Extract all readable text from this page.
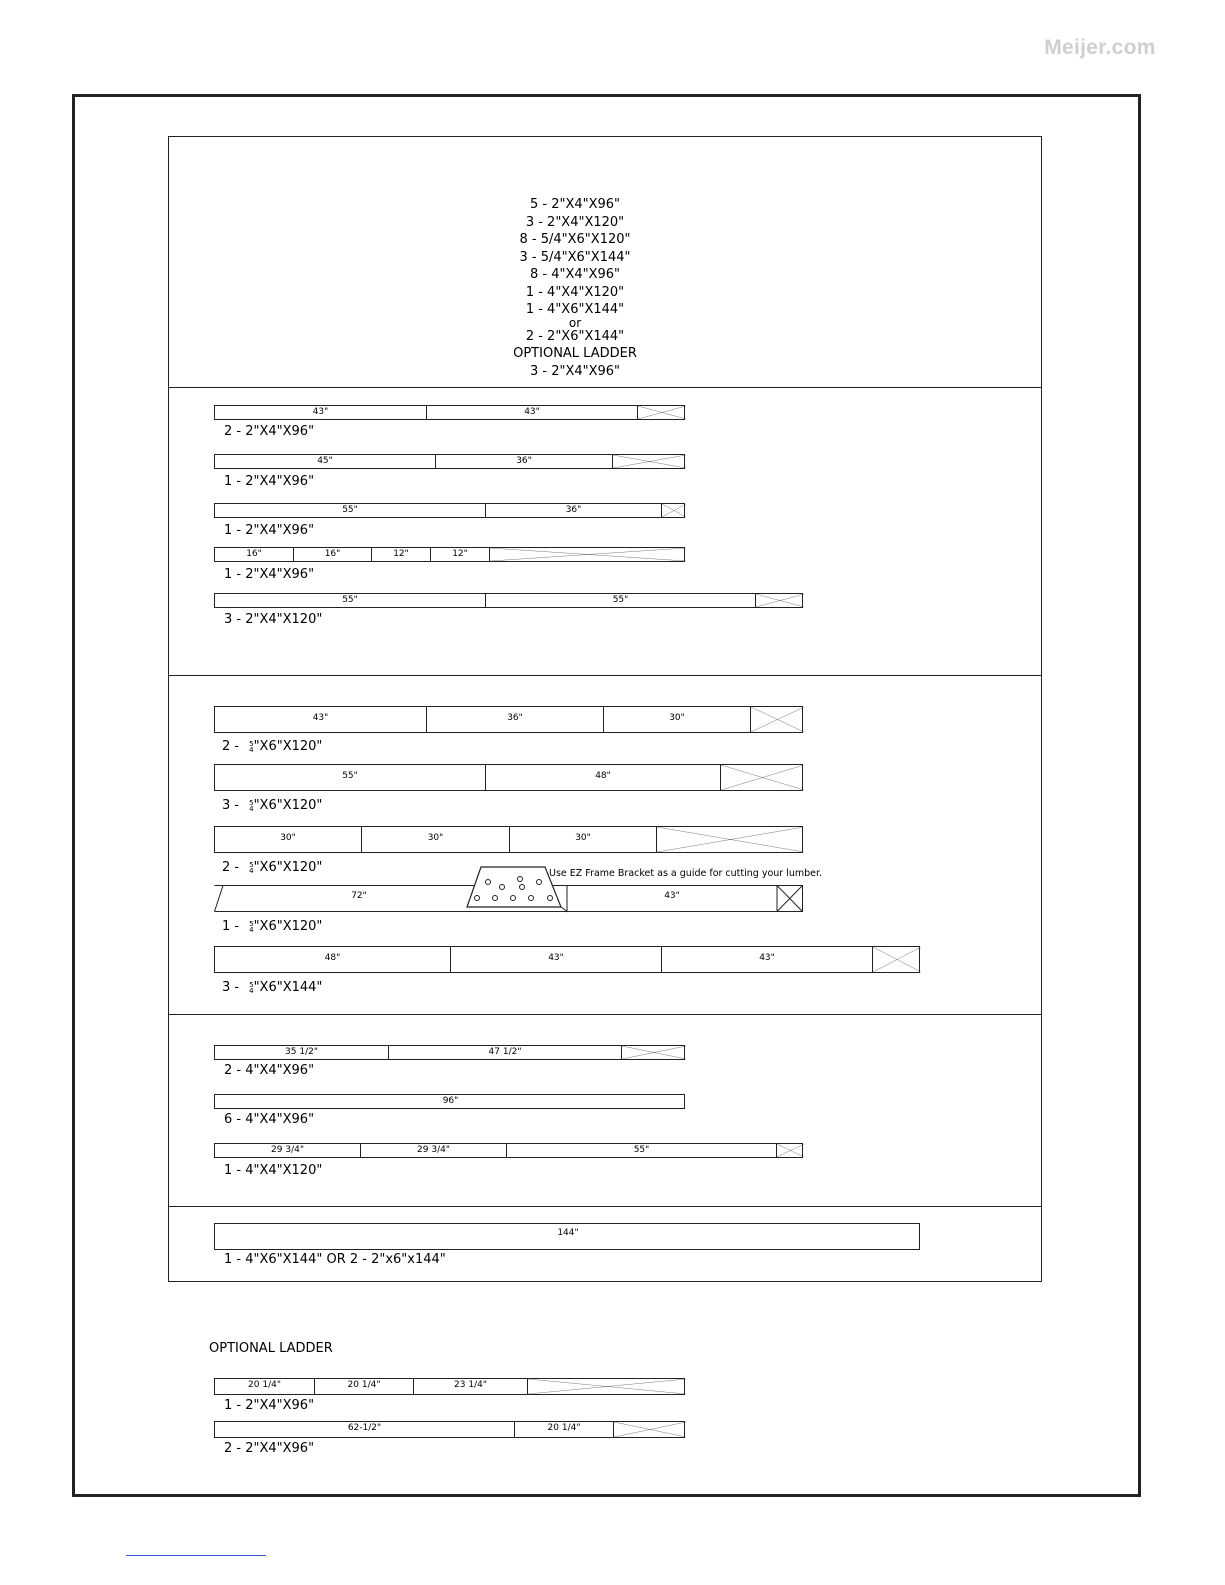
Meijer.com
5 - 2"X4"X96"
3 - 2"X4"X120"
8 - 5/4"X6"X120"
3 - 5/4"X6"X144"
8 - 4"X4"X96"
1 - 4"X4"X120"
1 - 4"X6"X144"
or
2 - 2"X6"X144"
OPTIONAL LADDER
3 - 2"X4"X96"
43"	43"
2 - 2"X4"X96"
45"	36"
1 - 2"X4"X96"
55"	36"
1 - 2"X4"X96"
16"	16"	12"	12"
1 - 2"X4"X96"
55"	55"
3 - 2"X4"X120"
43"	36"	30"
2 - 5
4 "X6"X120"
55"	48"
3 - 5
4 "X6"X120"
30"	30"	30"
2 - 5
4 "X6"X120"
72"	43"
Use EZ Frame Bracket as a guide for cutting your lumber.
1 - 5
4 "X6"X120"
48"	43"	43"
3 - 5
4 "X6"X144"
35 1/2"	47 1/2"
2 - 4"X4"X96"
96"
6 - 4"X4"X96"
29 3/4"	29 3/4"	55"
1 - 4"X4"X120"
144"
1 - 4"X6"X144" OR 2 - 2"x6"x144"
OPTIONAL LADDER
20 1/4"	20 1/4"	23 1/4"
1 - 2"X4"X96"
62-1/2"	20 1/4"
2 - 2"X4"X96"
